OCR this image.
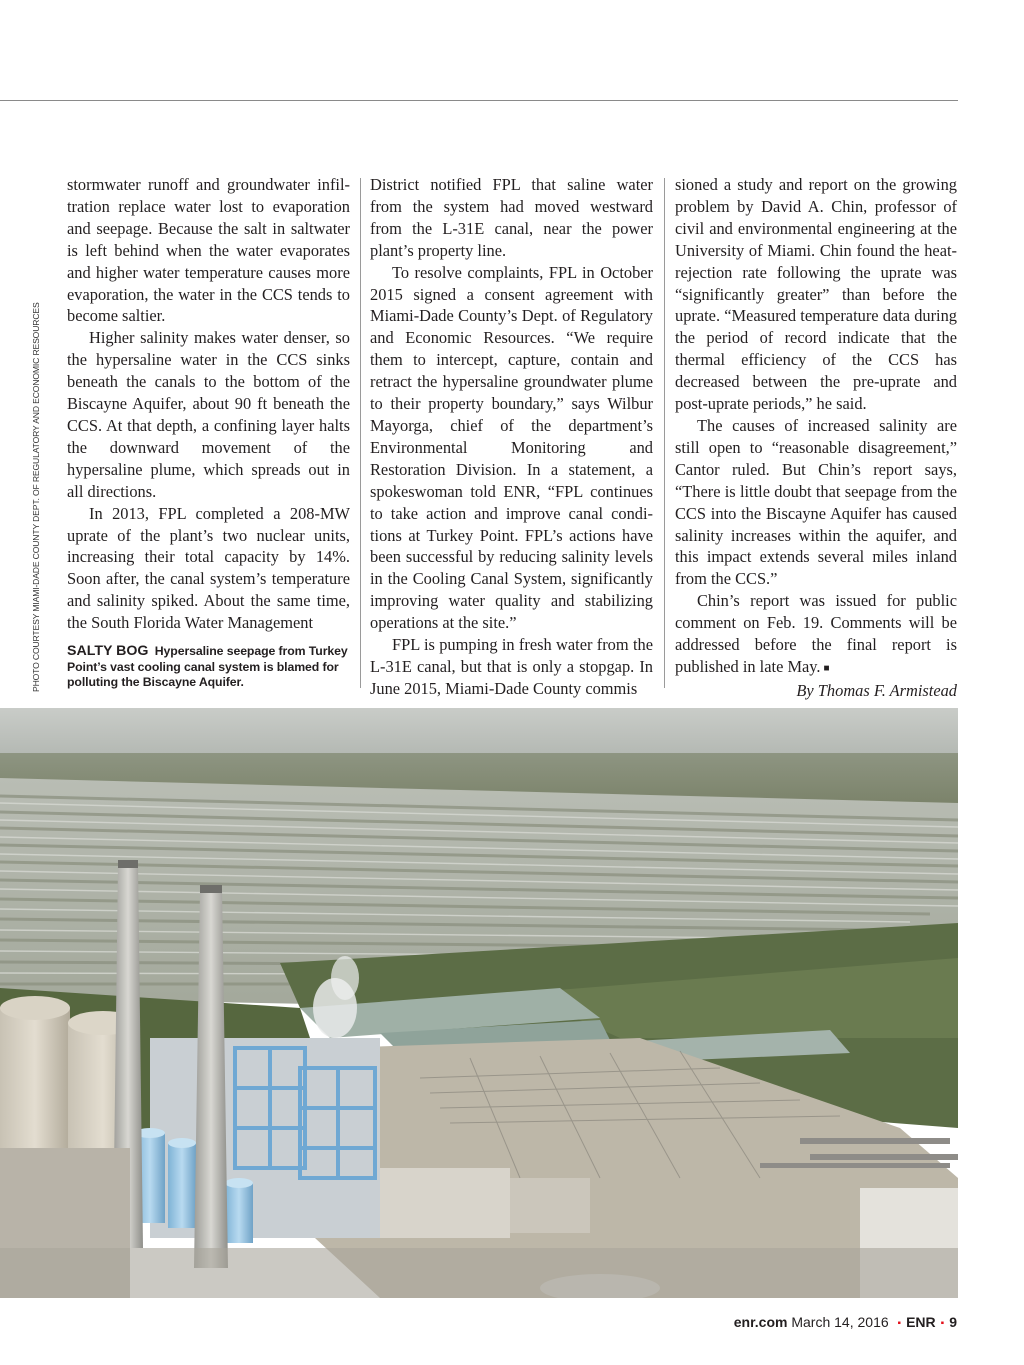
PHOTO COURTESY MIAMI-DADE COUNTY DEPT. OF REGULATORY AND ECONOMIC RESOURCES

stormwater runoff and groundwater infiltration replace water lost to evaporation and seepage. Because the salt in saltwater is left behind when the water evaporates and higher water temperature causes more evaporation, the water in the CCS tends to become saltier.

Higher salinity makes water denser, so the hypersaline water in the CCS sinks beneath the canals to the bottom of the Biscayne Aquifer, about 90 ft beneath the CCS. At that depth, a confining layer halts the downward movement of the hypersaline plume, which spreads out in all directions.

In 2013, FPL completed a 208-MW uprate of the plant’s two nuclear units, increasing their total capacity by 14%. Soon after, the canal system’s temperature and salinity spiked. About the same time, the South Florida Water Management

SALTY BOG Hypersaline seepage from Turkey Point’s vast cooling canal system is blamed for polluting the Biscayne Aquifer.

District notified FPL that saline water from the system had moved westward from the L-31E canal, near the power plant’s property line.

To resolve complaints, FPL in October 2015 signed a consent agreement with Miami-Dade County’s Dept. of Regulatory and Economic Resources. “We require them to intercept, capture, contain and retract the hypersaline groundwater plume to their property boundary,” says Wilbur Mayorga, chief of the department’s Environmental Monitoring and Restoration Division. In a statement, a spokeswoman told ENR, “FPL continues to take action and improve canal conditions at Turkey Point. FPL’s actions have been successful by reducing salinity levels in the Cooling Canal System, significantly improving water quality and stabilizing operations at the site.”

FPL is pumping in fresh water from the L-31E canal, but that is only a stopgap. In June 2015, Miami-Dade County commis

sioned a study and report on the growing problem by David A. Chin, professor of civil and environmental engineering at the University of Miami. Chin found the heat-rejection rate following the uprate was “significantly greater” than before the uprate. “Measured temperature data during the period of record indicate that the thermal efficiency of the CCS has decreased between the pre-uprate and post-uprate periods,” he said.

The causes of increased salinity are still open to “reasonable disagreement,” Cantor ruled. But Chin’s report says, “There is little doubt that seepage from the CCS into the Biscayne Aquifer has caused salinity increases within the aquifer, and this impact extends several miles inland from the CCS.”

Chin’s report was issued for public comment on Feb. 19. Comments will be addressed before the final report is published in late May. ■

By Thomas F. Armistead

enr.com March 14, 2016 ▪ ENR ▪ 9
